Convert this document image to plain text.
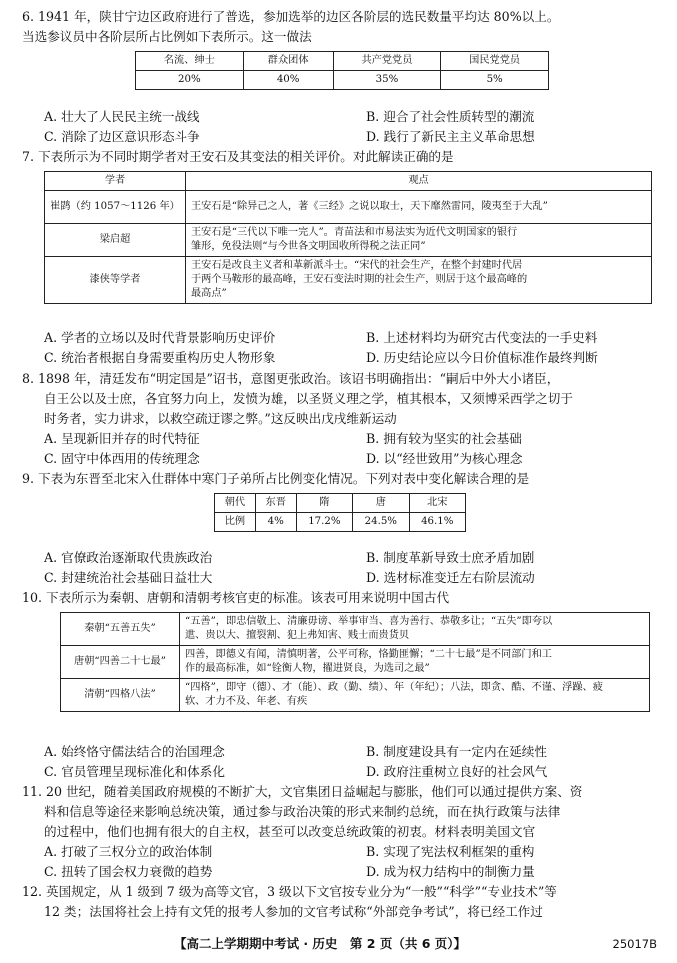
6. 1941 年，陕甘宁边区政府进行了普选，参加选举的边区各阶层的选民数量平均达 80%以上。
当选参议员中各阶层所占比例如下表所示。这一做法
名流、绅士	群众团体	共产党党员	国民党党员
20%	40%	35%	5%
A. 壮大了人民民主统一战线	B. 迎合了社会性质转型的潮流
C. 消除了边区意识形态斗争	D. 践行了新民主主义革命思想
7. 下表所示为不同时期学者对王安石及其变法的相关评价。对此解读正确的是
学者	观点
崔鹍（约 1057～1126 年）	王安石是“除异己之人，著《三经》之说以取士，天下靡然雷同，陵夷至于大乱”

梁启超	王安石是“三代以下唯一完人”。青苗法和市易法实为近代文明国家的银行
雏形，免役法则“与今世各文明国收所得税之法正同”

漆侠等学者	王安石是改良主义者和革新派斗士。“宋代的社会生产，在整个封建时代居
于两个马鞍形的最高峰，王安石变法时期的社会生产，则居于这个最高峰的
最高点”
A. 学者的立场以及时代背景影响历史评价	B. 上述材料均为研究古代变法的一手史料
C. 统治者根据自身需要重构历史人物形象	D. 历史结论应以今日价值标准作最终判断
8. 1898 年，清廷发布“明定国是”诏书，意图更张政治。该诏书明确指出：“嗣后中外大小诸臣，
自王公以及士庶，各宜努力向上，发愤为雄，以圣贤义理之学，植其根本，又须博采西学之切于
时务者，实力讲求，以救空疏迂谬之弊。”这反映出戊戌维新运动
A. 呈现新旧并存的时代特征	B. 拥有较为坚实的社会基础
C. 固守中体西用的传统理念	D. 以“经世致用”为核心理念
9. 下表为东晋至北宋入仕群体中寒门子弟所占比例变化情况。下列对表中变化解读合理的是
朝代	东晋	隋	唐	北宋
比例	4%	17.2%	24.5%	46.1%
A. 官僚政治逐渐取代贵族政治	B. 制度革新导致士庶矛盾加剧
C. 封建统治社会基础日益壮大	D. 选材标准变迁左右阶层流动
10. 下表所示为秦朝、唐朝和清朝考核官吏的标准。该表可用来说明中国古代
秦朝“五善五失”	“五善”，即忠信敬上、清廉毋谤、举事审当、喜为善行、恭敬多让；“五失”即夸以
迣、贵以大、擅裂割、犯上弗知害、贱士而贵货贝

唐朝“四善二十七最”	四善，即德义有闻，清慎明著，公平可称，恪勤匪懈；“二十七最”是不同部门和工
作的最高标准，如“铨衡人物，擢进贤良，为选司之最”

清朝“四格八法”	“四格”，即守（德）、才（能）、政（勤、绩）、年（年纪）；八法，即贪、酷、不谨、浮躁、疲
软、才力不及、年老、有疾
A. 始终恪守儒法结合的治国理念	B. 制度建设具有一定内在延续性
C. 官员管理呈现标准化和体系化	D. 政府注重树立良好的社会风气
11. 20 世纪，随着美国政府规模的不断扩大，文官集团日益崛起与膨胀，他们可以通过提供方案、资
料和信息等途径来影响总统决策，通过参与政治决策的形式来制约总统，而在执行政策与法律
的过程中，他们也拥有很大的自主权，甚至可以改变总统政策的初衷。材料表明美国文官
A. 打破了三权分立的政治体制	B. 实现了宪法权利框架的重构
C. 扭转了国会权力衰微的趋势	D. 成为权力结构中的制衡力量
12. 英国规定，从 1 级到 7 级为高等文官，3 级以下文官按专业分为“一般”“科学”“专业技术”等
12 类；法国将社会上持有文凭的报考人参加的文官考试称“外部竞争考试”，将已经工作过
【高二上学期期中考试 · 历史　第 2 页（共 6 页）】	25017B
